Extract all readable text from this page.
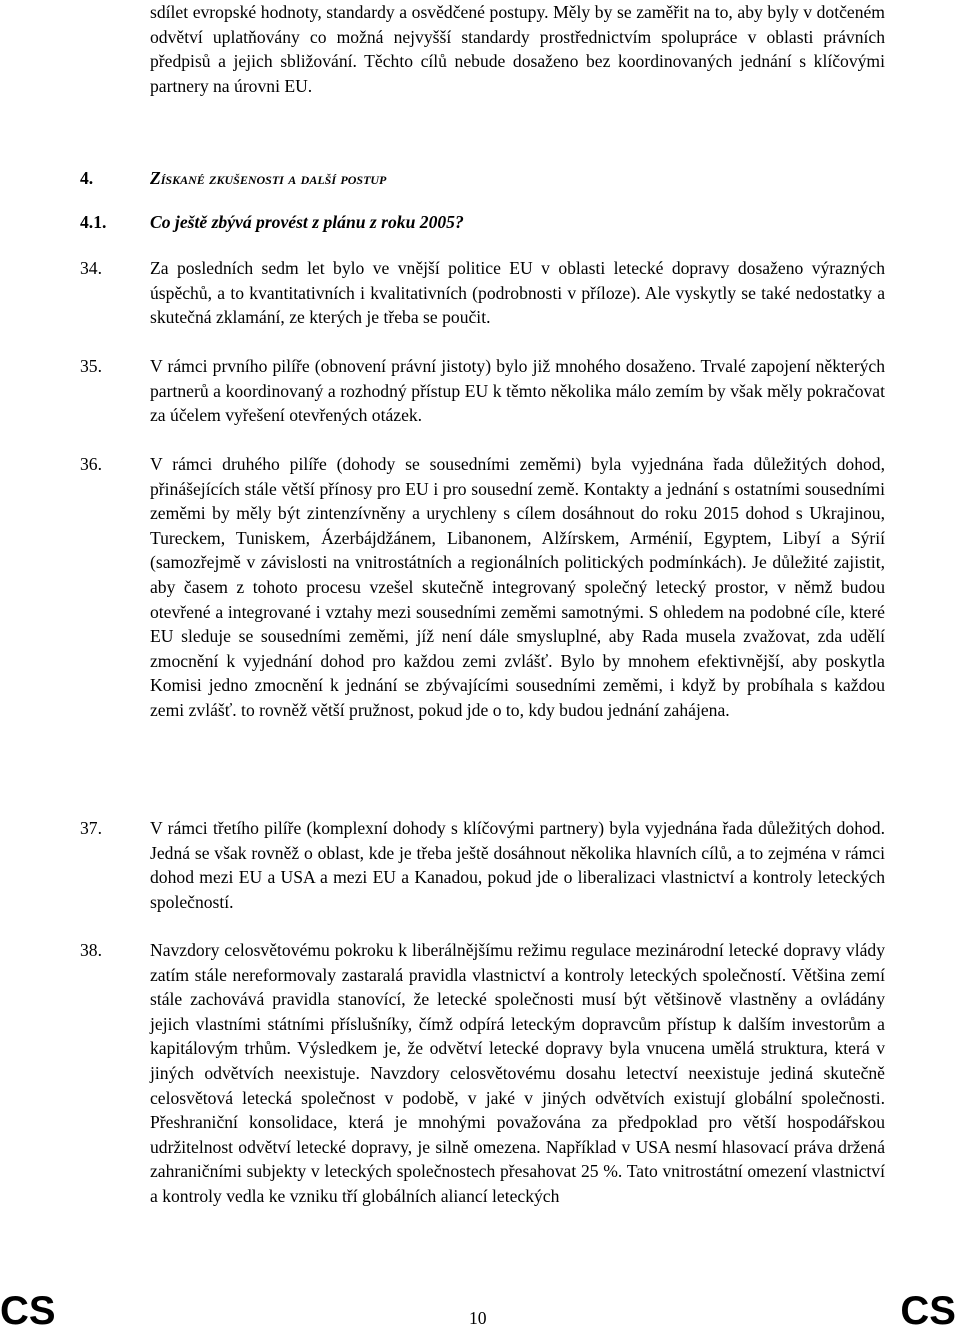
sdílet evropské hodnoty, standardy a osvědčené postupy. Měly by se zaměřit na to, aby byly v dotčeném odvětví uplatňovány co možná nejvyšší standardy prostřednictvím spolupráce v oblasti právních předpisů a jejich sbližování. Těchto cílů nebude dosaženo bez koordinovaných jednání s klíčovými partnery na úrovni EU.
4.	Získané zkušenosti a další postup
4.1. Co ještě zbývá provést z plánu z roku 2005?
34.	Za posledních sedm let bylo ve vnější politice EU v oblasti letecké dopravy dosaženo výrazných úspěchů, a to kvantitativních i kvalitativních (podrobnosti v příloze). Ale vyskytly se také nedostatky a skutečná zklamání, ze kterých je třeba se poučit.
35.	V rámci prvního pilíře (obnovení právní jistoty) bylo již mnohého dosaženo. Trvalé zapojení některých partnerů a koordinovaný a rozhodný přístup EU k těmto několika málo zemím by však měly pokračovat za účelem vyřešení otevřených otázek.
36.	V rámci druhého pilíře (dohody se sousedními zeměmi) byla vyjednána řada důležitých dohod, přinášejících stále větší přínosy pro EU i pro sousední země. Kontakty a jednání s ostatními sousedními zeměmi by měly být zintenzívněny a urychleny s cílem dosáhnout do roku 2015 dohod s Ukrajinou, Tureckem, Tuniskem, Ázerbájdžánem, Libanonem, Alžírskem, Arménií, Egyptem, Libyí a Sýrií (samozřejmě v závislosti na vnitrostátních a regionálních politických podmínkách). Je důležité zajistit, aby časem z tohoto procesu vzešel skutečně integrovaný společný letecký prostor, v němž budou otevřené a integrované i vztahy mezi sousedními zeměmi samotnými. S ohledem na podobné cíle, které EU sleduje se sousedními zeměmi, jíž není dále smysluplné, aby Rada musela zvažovat, zda udělí zmocnění k vyjednání dohod pro každou zemi zvlášť. Bylo by mnohem efektivnější, aby poskytla Komisi jedno zmocnění k jednání se zbývajícími sousedními zeměmi, i když by probíhala s každou zemi zvlášť. to rovněž větší pružnost, pokud jde o to, kdy budou jednání zahájena.
37.	V rámci třetího pilíře (komplexní dohody s klíčovými partnery) byla vyjednána řada důležitých dohod. Jedná se však rovněž o oblast, kde je třeba ještě dosáhnout několika hlavních cílů, a to zejména v rámci dohod mezi EU a USA a mezi EU a Kanadou, pokud jde o liberalizaci vlastnictví a kontroly leteckých společností.
38.	Navzdory celosvětovému pokroku k liberálnějšímu režimu regulace mezinárodní letecké dopravy vlády zatím stále nereformovaly zastaralá pravidla vlastnictví a kontroly leteckých společností. Většina zemí stále zachovává pravidla stanovící, že letecké společnosti musí být většinově vlastněny a ovládány jejich vlastními státními příslušníky, čímž odpírá leteckým dopravcům přístup k dalším investorům a kapitálovým trhům. Výsledkem je, že odvětví letecké dopravy byla vnucena umělá struktura, která v jiných odvětvích neexistuje. Navzdory celosvětovému dosahu letectví neexistuje jediná skutečně celosvětová letecká společnost v podobě, v jaké v jiných odvětvích existují globální společnosti. Přeshraniční konsolidace, která je mnohými považována za předpoklad pro větší hospodářskou udržitelnost odvětví letecké dopravy, je silně omezena. Například v USA nesmí hlasovací práva držená zahraničními subjekty v leteckých společnostech přesahovat 25 %. Tato vnitrostátní omezení vlastnictví a kontroly vedla ke vzniku tří globálních aliancí leteckých
CS	10	CS
